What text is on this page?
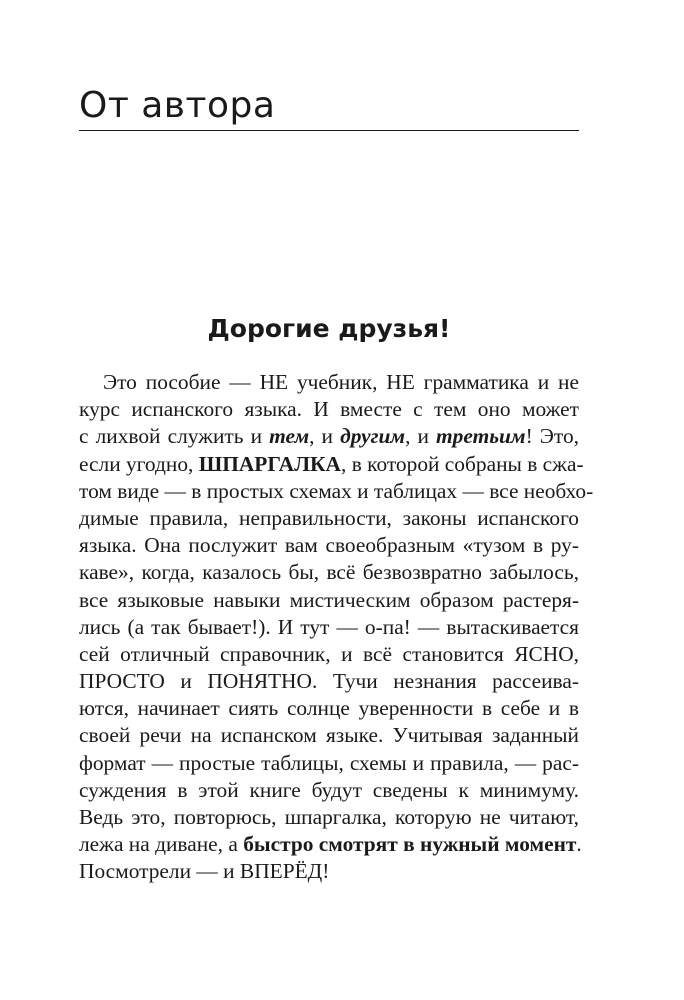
От автора
Дорогие друзья!
Это пособие — НЕ учебник, НЕ грамматика и не
курс испанского языка. И вместе с тем оно может
с лихвой служить и тем, и другим, и третьим! Это,
если угодно, ШПАРГАЛКА, в которой собраны в сжа-
том виде — в простых схемах и таблицах — все необхо-
димые правила, неправильности, законы испанского
языка. Она послужит вам своеобразным «тузом в ру-
каве», когда, казалось бы, всё безвозвратно забылось,
все языковые навыки мистическим образом растеря-
лись (а так бывает!). И тут — о-па! — вытаскивается
сей отличный справочник, и всё становится ЯСНО,
ПРОСТО и ПОНЯТНО. Тучи незнания рассеива-
ются, начинает сиять солнце уверенности в себе и в
своей речи на испанском языке. Учитывая заданный
формат — простые таблицы, схемы и правила, — рас-
суждения в этой книге будут сведены к минимуму.
Ведь это, повторюсь, шпаргалка, которую не читают,
лежа на диване, а быстро смотрят в нужный момент.
Посмотрели — и ВПЕРЁД!
